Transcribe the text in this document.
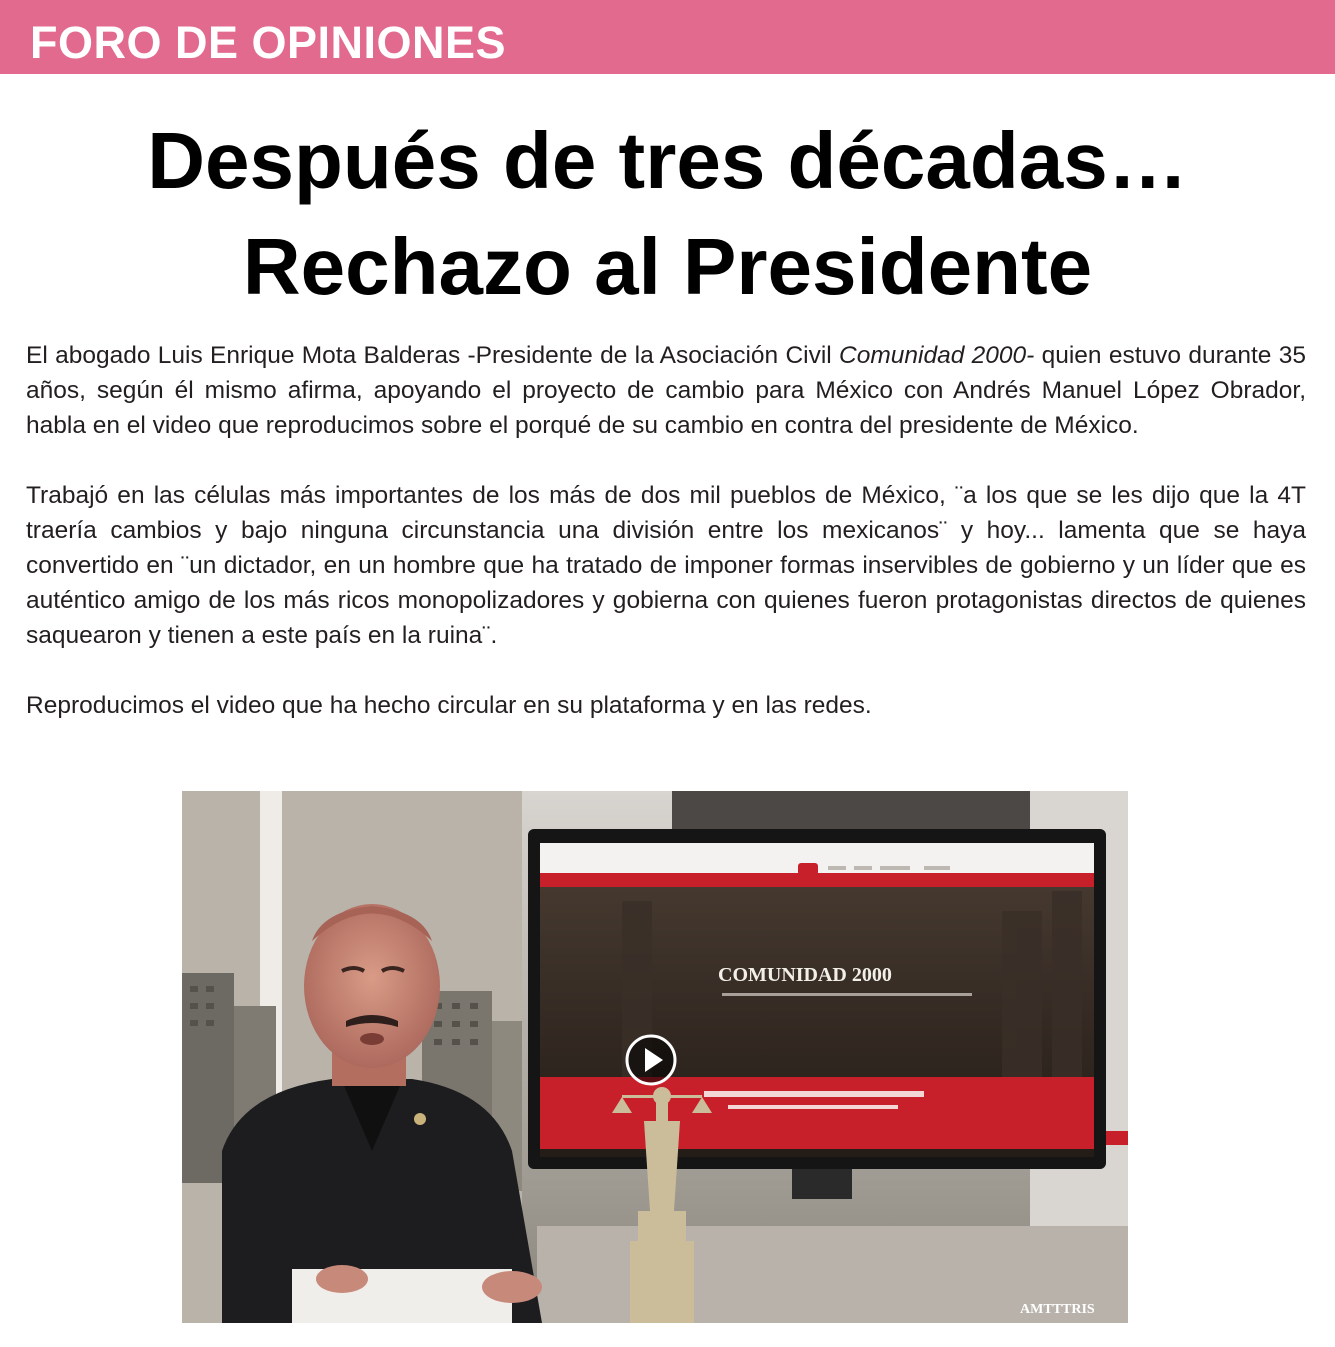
FORO DE OPINIONES
Después de tres décadas…
Rechazo al Presidente

El abogado Luis Enrique Mota Balderas -Presidente de la Asociación Civil Comunidad 2000- quien estuvo durante 35 años, según él mismo afirma, apoyando el proyecto de cambio para México con Andrés Manuel López Obrador, habla en el video que reproducimos sobre el porqué de su cambio en contra del presidente de México.

Trabajó en las células más importantes de los más de dos mil pueblos de México, ¨a los que se les dijo que la 4T traería cambios y bajo ninguna circunstancia una división entre los mexicanos¨ y hoy... lamenta que se haya convertido en ¨un dictador, en un hombre que ha tratado de imponer formas inservibles de gobierno y un líder que es auténtico amigo de los más ricos monopolizadores y gobierna con quienes fueron protagonistas directos de quienes saquearon y tienen a este país en la ruina¨.

Reproducimos el video que ha hecho circular en su plataforma y en las redes.

COMUNIDAD 2000
AMTTTRIS
